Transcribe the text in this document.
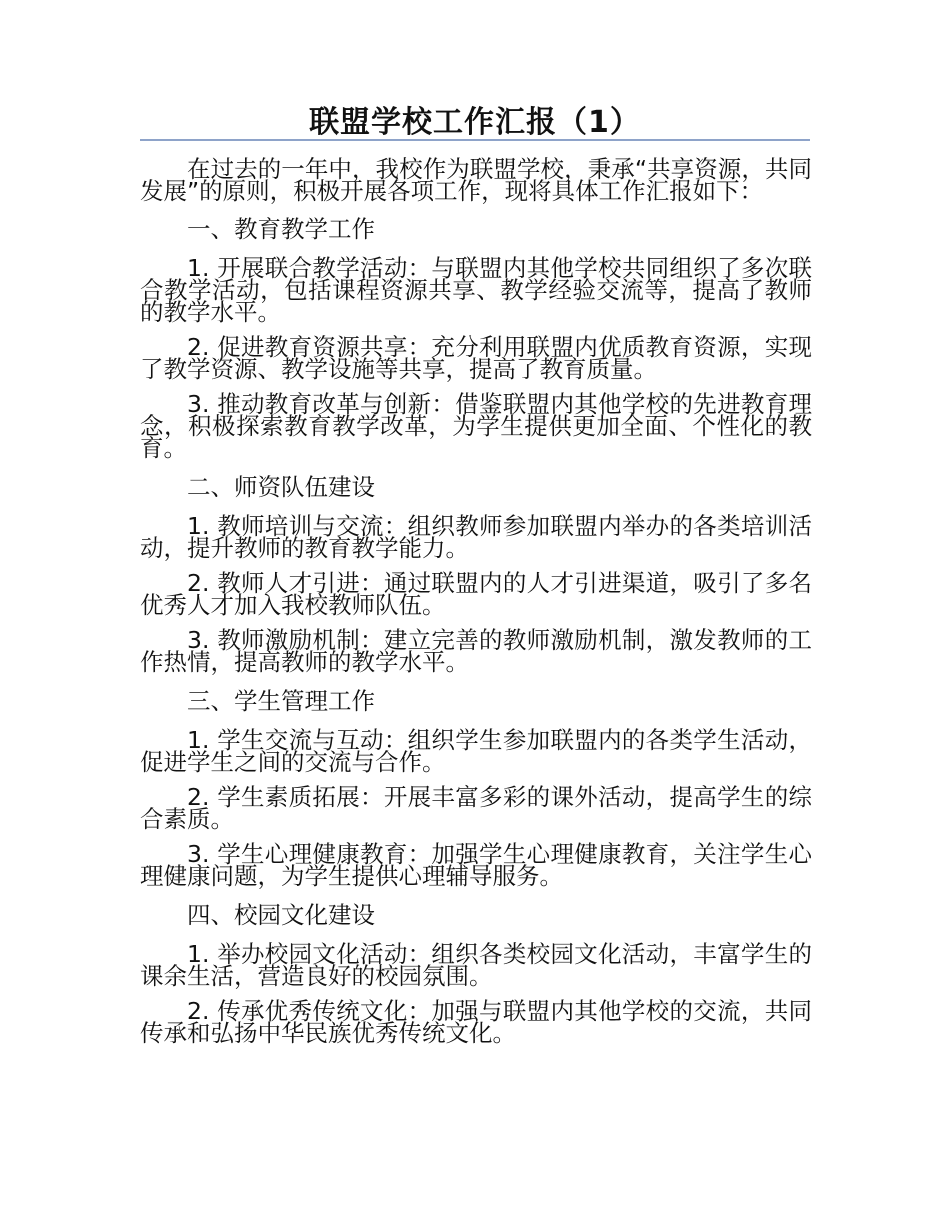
联盟学校工作汇报（1）

在过去的一年中，我校作为联盟学校，秉承“共享资源，共同发展”的原则，积极开展各项工作，现将具体工作汇报如下：

一、教育教学工作

1. 开展联合教学活动：与联盟内其他学校共同组织了多次联合教学活动，包括课程资源共享、教学经验交流等，提高了教师的教学水平。

2. 促进教育资源共享：充分利用联盟内优质教育资源，实现了教学资源、教学设施等共享，提高了教育质量。

3. 推动教育改革与创新：借鉴联盟内其他学校的先进教育理念，积极探索教育教学改革，为学生提供更加全面、个性化的教育。

二、师资队伍建设

1. 教师培训与交流：组织教师参加联盟内举办的各类培训活动，提升教师的教育教学能力。

2. 教师人才引进：通过联盟内的人才引进渠道，吸引了多名优秀人才加入我校教师队伍。

3. 教师激励机制：建立完善的教师激励机制，激发教师的工作热情，提高教师的教学水平。

三、学生管理工作

1. 学生交流与互动：组织学生参加联盟内的各类学生活动，促进学生之间的交流与合作。

2. 学生素质拓展：开展丰富多彩的课外活动，提高学生的综合素质。

3. 学生心理健康教育：加强学生心理健康教育，关注学生心理健康问题，为学生提供心理辅导服务。

四、校园文化建设

1. 举办校园文化活动：组织各类校园文化活动，丰富学生的课余生活，营造良好的校园氛围。

2. 传承优秀传统文化：加强与联盟内其他学校的交流，共同传承和弘扬中华民族优秀传统文化。
